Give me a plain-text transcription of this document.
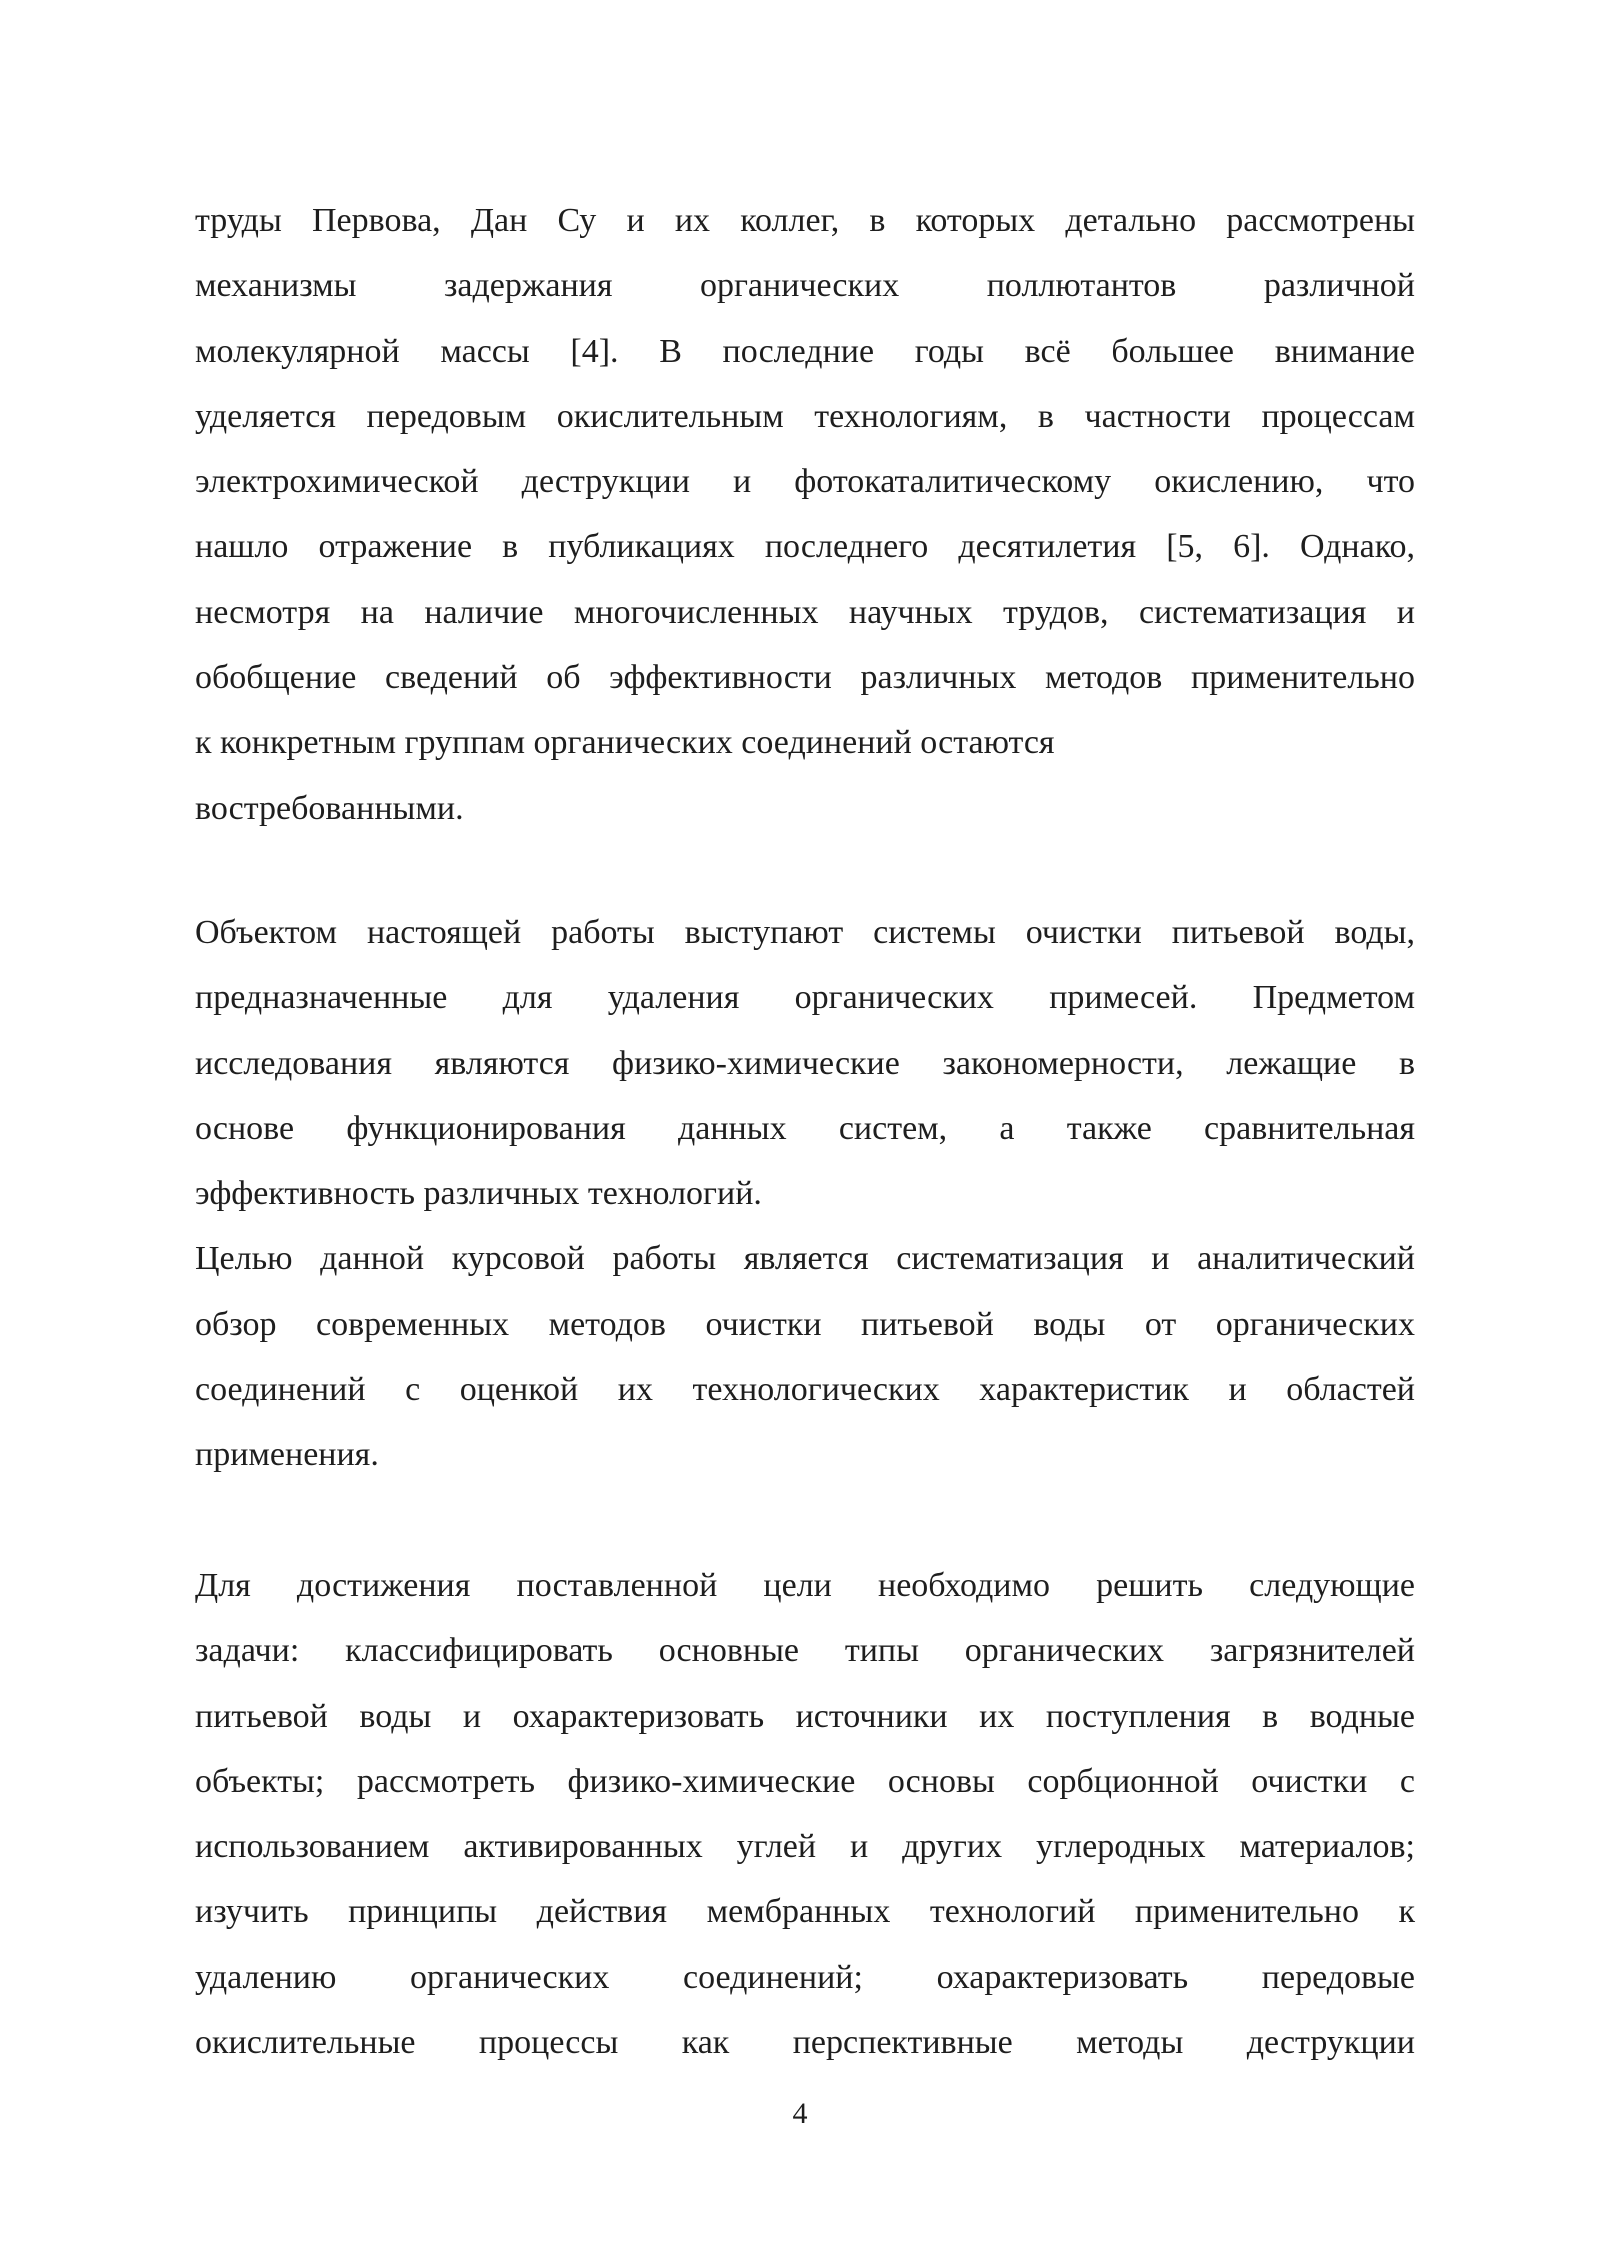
труды Первова, Дан Су и их коллег, в которых детально рассмотрены
механизмы задержания органических поллютантов различной
молекулярной массы [4]. В последние годы всё большее внимание
уделяется передовым окислительным технологиям, в частности процессам
электрохимической деструкции и фотокаталитическому окислению, что
нашло отражение в публикациях последнего десятилетия [5, 6]. Однако,
несмотря на наличие многочисленных научных трудов, систематизация и
обобщение сведений об эффективности различных методов применительно
к конкретным группам органических соединений остаются
востребованными.
Объектом настоящей работы выступают системы очистки питьевой воды,
предназначенные для удаления органических примесей. Предметом
исследования являются физико-химические закономерности, лежащие в
основе функционирования данных систем, а также сравнительная
эффективность различных технологий.
Целью данной курсовой работы является систематизация и аналитический
обзор современных методов очистки питьевой воды от органических
соединений с оценкой их технологических характеристик и областей
применения.
Для достижения поставленной цели необходимо решить следующие
задачи: классифицировать основные типы органических загрязнителей
питьевой воды и охарактеризовать источники их поступления в водные
объекты; рассмотреть физико-химические основы сорбционной очистки с
использованием активированных углей и других углеродных материалов;
изучить принципы действия мембранных технологий применительно к
удалению органических соединений; охарактеризовать передовые
окислительные процессы как перспективные методы деструкции
4
